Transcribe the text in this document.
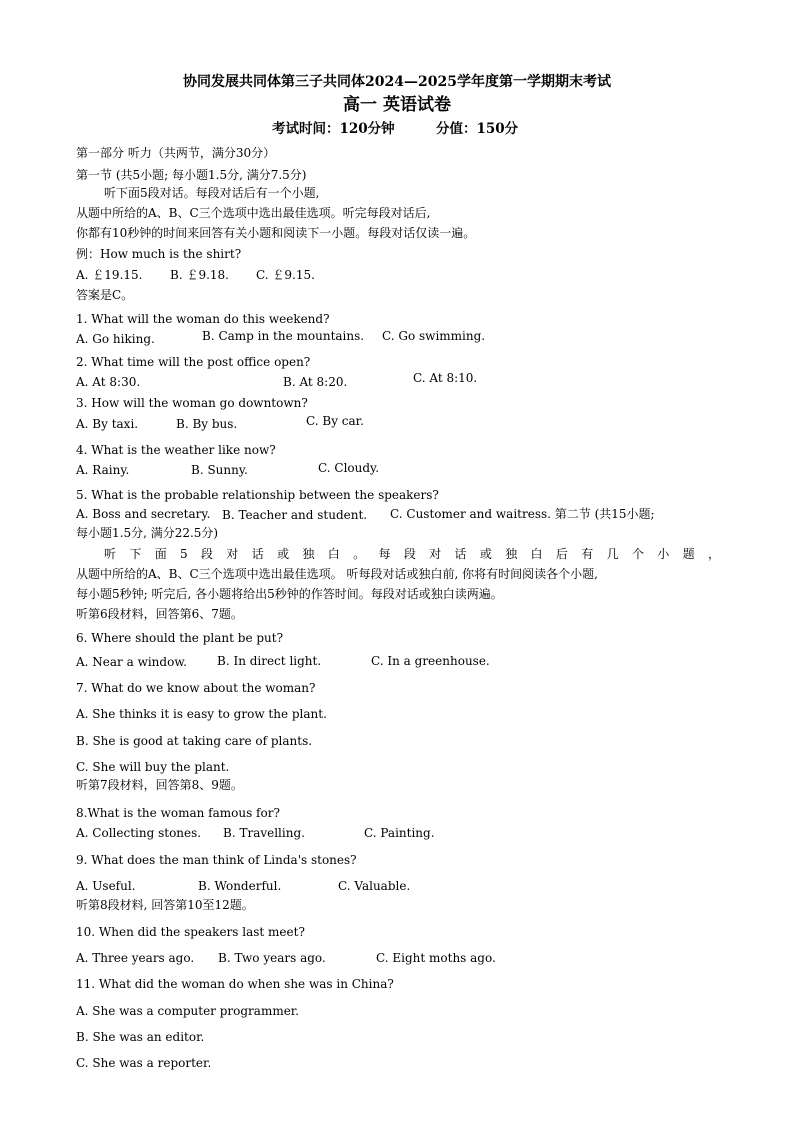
协同发展共同体第三子共同体2024—2025学年度第一学期期末考试
高一 英语试卷
考试时间：120分钟	分值：150分
第一部分 听力（共两节，满分30分）
第一节 (共5小题; 每小题1.5分, 满分7.5分)
听下面5段对话。每段对话后有一个小题,
从题中所给的A、B、C三个选项中选出最佳选项。听完每段对话后,
你都有10秒钟的时间来回答有关小题和阅读下一小题。每段对话仅读一遍。
例：How much is the shirt?
A. ￡19.15. B. ￡9.18. C. ￡9.15.
答案是C。
1. What will the woman do this weekend?
A. Go hiking.	B. Camp in the mountains. C. Go swimming.
2. What time will the post office open?
A. At 8:30.	B. At 8:20.	C. At 8:10.
3. How will the woman go downtown?
A. By taxi.	B. By bus.	C. By car.
4. What is the weather like now?
A. Rainy.	B. Sunny.	C. Cloudy.
5. What is the probable relationship between the speakers?
A. Boss and secretary. B. Teacher and student. C. Customer and waitress. 第二节 (共15小题;
每小题1.5分, 满分22.5分)
听下面5段对话或独白。每段对话或独白后有几个小题，
从题中所给的A、B、C三个选项中选出最佳选项。 听每段对话或独白前, 你将有时间阅读各个小题,
每小题5秒钟; 听完后, 各小题将给出5秒钟的作答时间。每段对话或独白读两遍。
听第6段材料，回答第6、7题。
6. Where should the plant be put?
A. Near a window.	B. In direct light.	C. In a greenhouse.
7. What do we know about the woman?
A. She thinks it is easy to grow the plant.
B. She is good at taking care of plants.
C. She will buy the plant.
听第7段材料，回答第8、9题。
8.What is the woman famous for?
A. Collecting stones. B. Travelling.	C. Painting.
9. What does the man think of Linda's stones?
A. Useful.	B. Wonderful.	C. Valuable.
听第8段材料, 回答第10至12题。
10. When did the speakers last meet?
A. Three years ago. B. Two years ago.	C. Eight moths ago.
11. What did the woman do when she was in China?
A. She was a computer programmer.
B. She was an editor.
C. She was a reporter.
